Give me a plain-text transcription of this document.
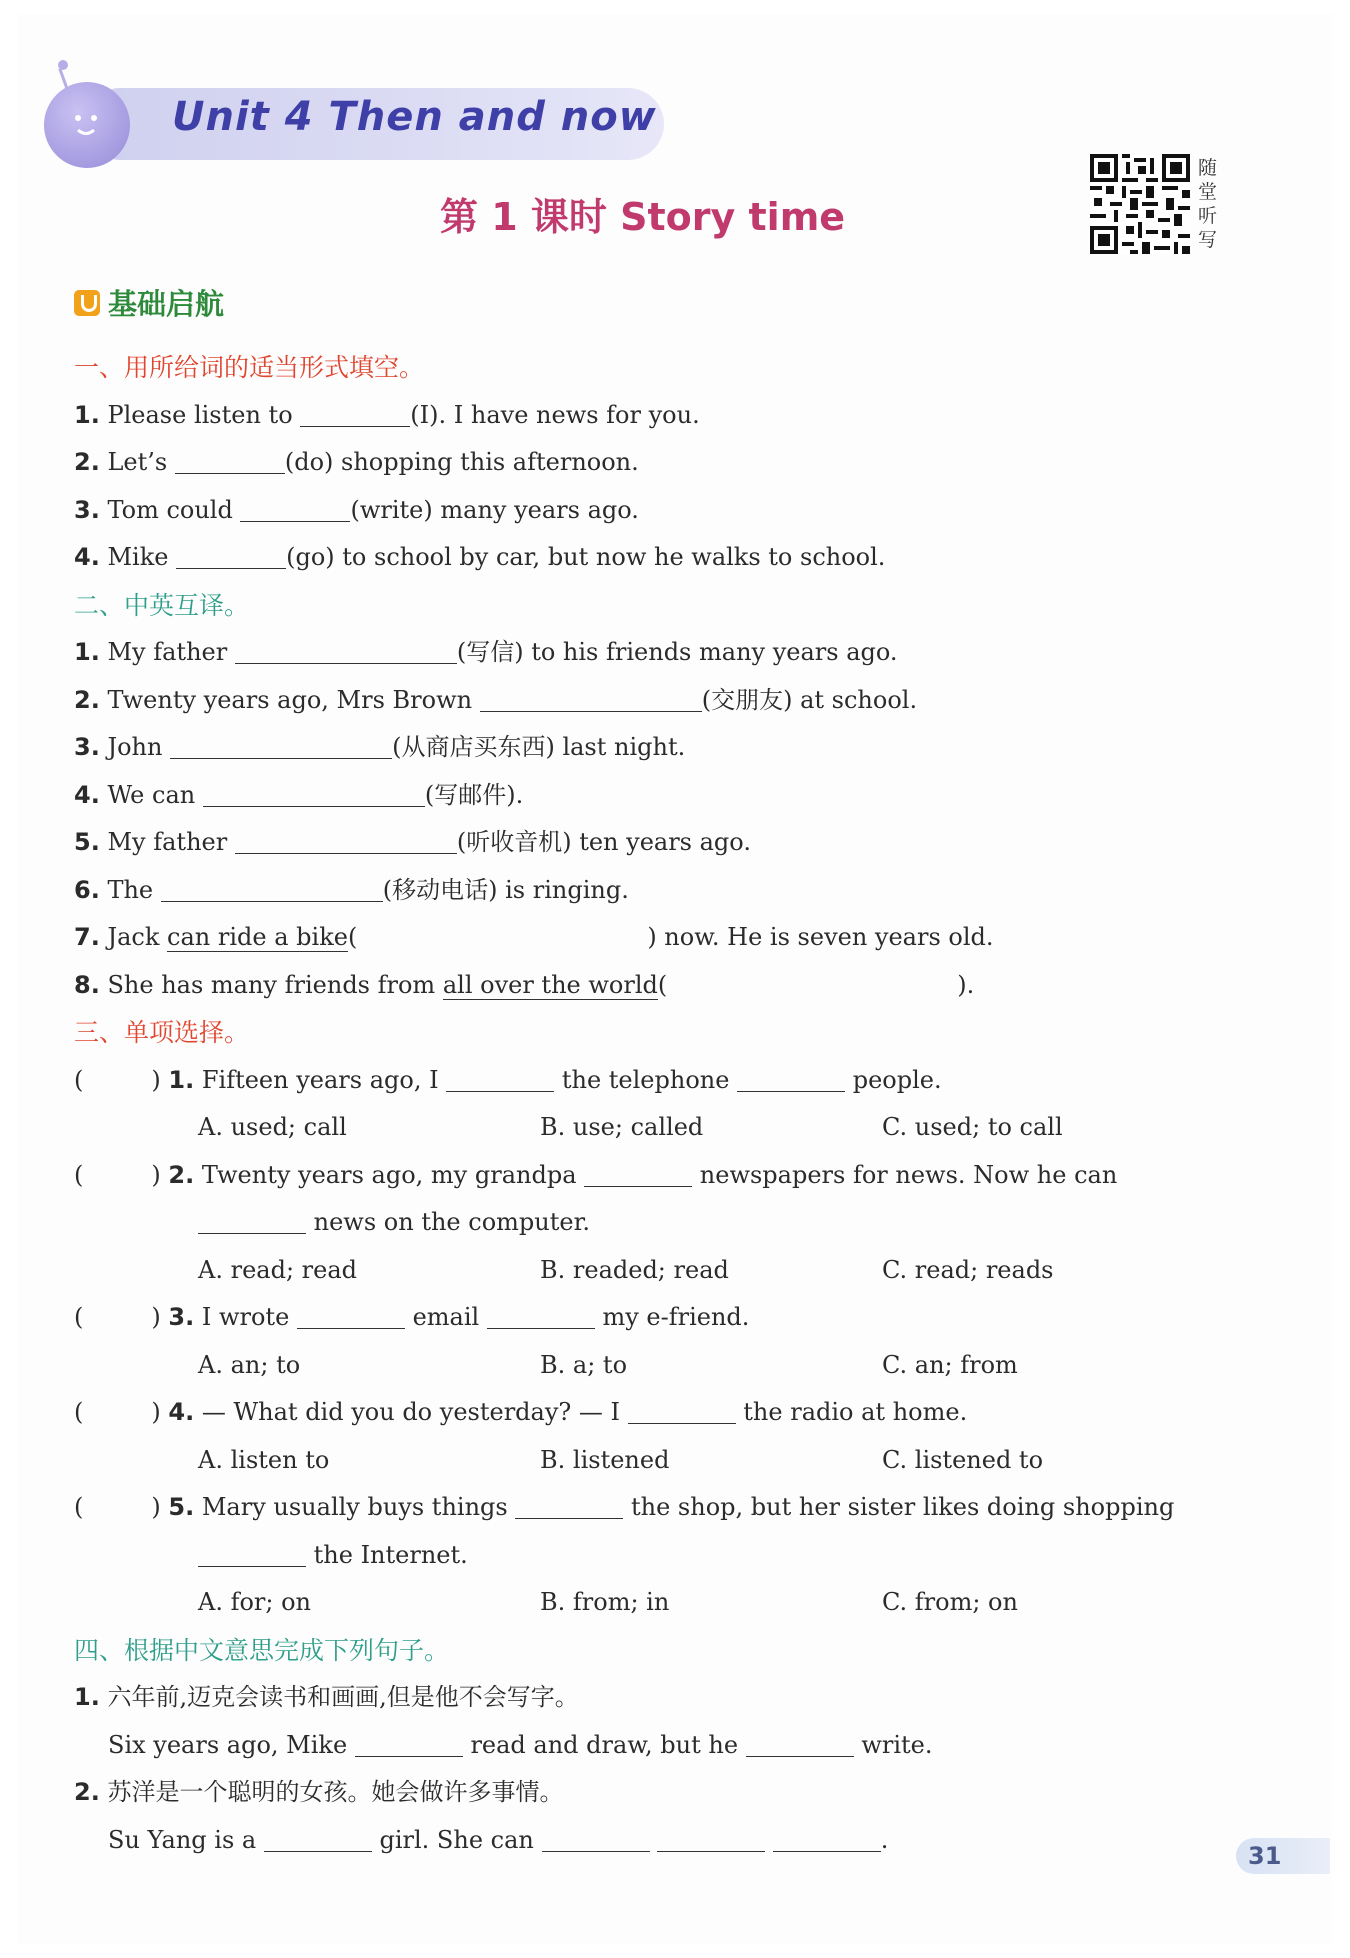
Unit 4 Then and now
第 1 课时 Story time
随堂听写
基础启航
一、用所给词的适当形式填空。
1. Please listen to	(I). I have news for you.
2. Let’s	(do) shopping this afternoon.
3. Tom could	(write) many years ago.
4. Mike	(go) to school by car, but now he walks to school.
二、中英互译。
1. My father	(写信) to his friends many years ago.
2. Twenty years ago, Mrs Brown	(交朋友) at school.
3. John	(从商店买东西) last night.
4. We can	(写邮件).
5. My father	(听收音机) ten years ago.
6. The	(移动电话) is ringing.
7. Jack can ride a bike(	) now. He is seven years old.
8. She has many friends from all over the world(	).
三、单项选择。
(	) 1. Fifteen years ago, I	the telephone	people.
A. used; call	B. use; called	C. used; to call
(	) 2. Twenty years ago, my grandpa	newspapers for news. Now he can
news on the computer.
A. read; read	B. readed; read	C. read; reads
(	) 3. I wrote	email	my e-friend.
A. an; to	B. a; to	C. an; from
(	) 4. — What did you do yesterday? — I	the radio at home.
A. listen to	B. listened	C. listened to
(	) 5. Mary usually buys things	the shop, but her sister likes doing shopping
the Internet.
A. for; on	B. from; in	C. from; on
四、根据中文意思完成下列句子。
1. 六年前,迈克会读书和画画,但是他不会写字。
Six years ago, Mike	read and draw, but he	write.
2. 苏洋是一个聪明的女孩。她会做许多事情。
Su Yang is a	girl. She can	.
31
